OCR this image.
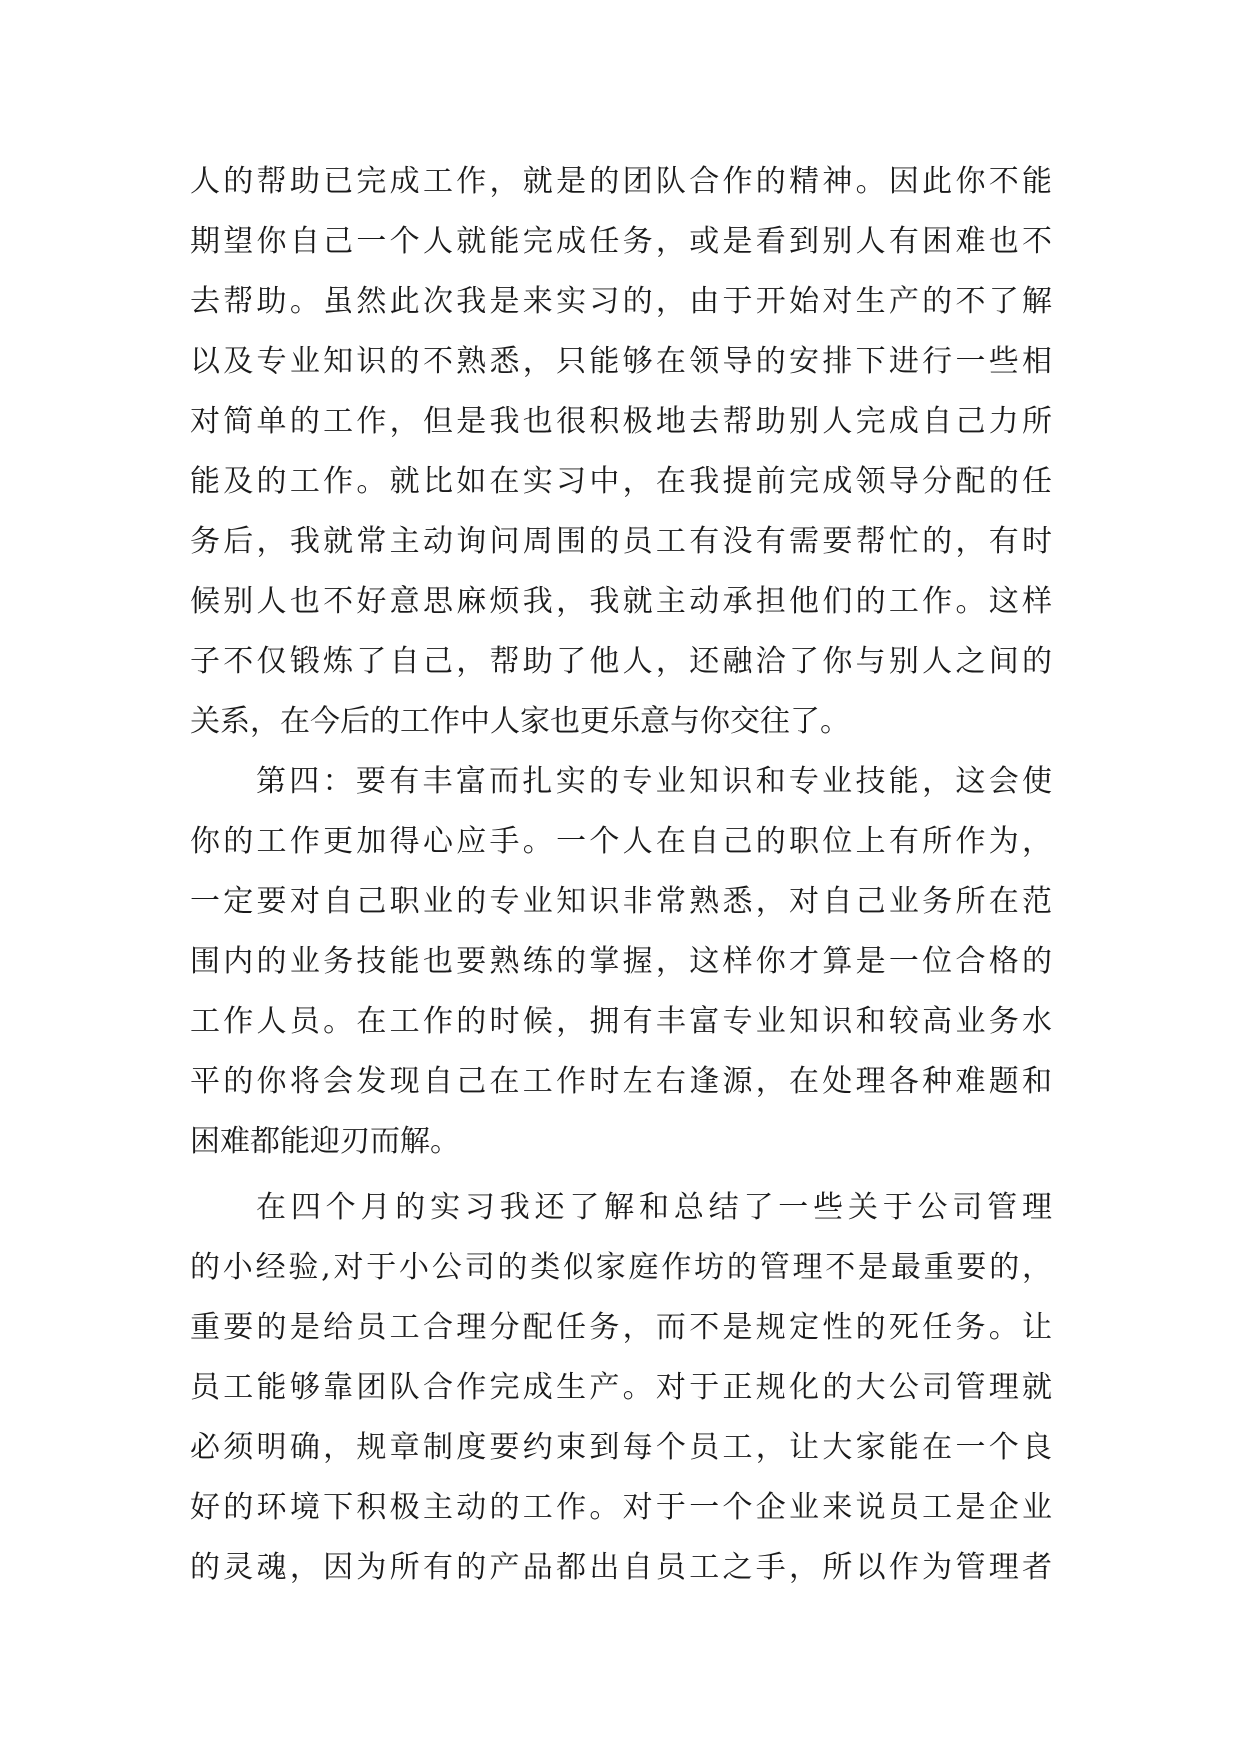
人的帮助已完成工作，就是的团队合作的精神。因此你不能
期望你自己一个人就能完成任务，或是看到别人有困难也不
去帮助。虽然此次我是来实习的，由于开始对生产的不了解
以及专业知识的不熟悉，只能够在领导的安排下进行一些相
对简单的工作，但是我也很积极地去帮助别人完成自己力所
能及的工作。就比如在实习中，在我提前完成领导分配的任
务后，我就常主动询问周围的员工有没有需要帮忙的，有时
候别人也不好意思麻烦我，我就主动承担他们的工作。这样
子不仅锻炼了自己，帮助了他人，还融洽了你与别人之间的
关系，在今后的工作中人家也更乐意与你交往了。
第四：要有丰富而扎实的专业知识和专业技能，这会使
你的工作更加得心应手。一个人在自己的职位上有所作为，
一定要对自己职业的专业知识非常熟悉，对自己业务所在范
围内的业务技能也要熟练的掌握，这样你才算是一位合格的
工作人员。在工作的时候，拥有丰富专业知识和较高业务水
平的你将会发现自己在工作时左右逢源，在处理各种难题和
困难都能迎刃而解。
在四个月的实习我还了解和总结了一些关于公司管理
的小经验,对于小公司的类似家庭作坊的管理不是最重要的，
重要的是给员工合理分配任务，而不是规定性的死任务。让
员工能够靠团队合作完成生产。对于正规化的大公司管理就
必须明确，规章制度要约束到每个员工，让大家能在一个良
好的环境下积极主动的工作。对于一个企业来说员工是企业
的灵魂，因为所有的产品都出自员工之手，所以作为管理者
